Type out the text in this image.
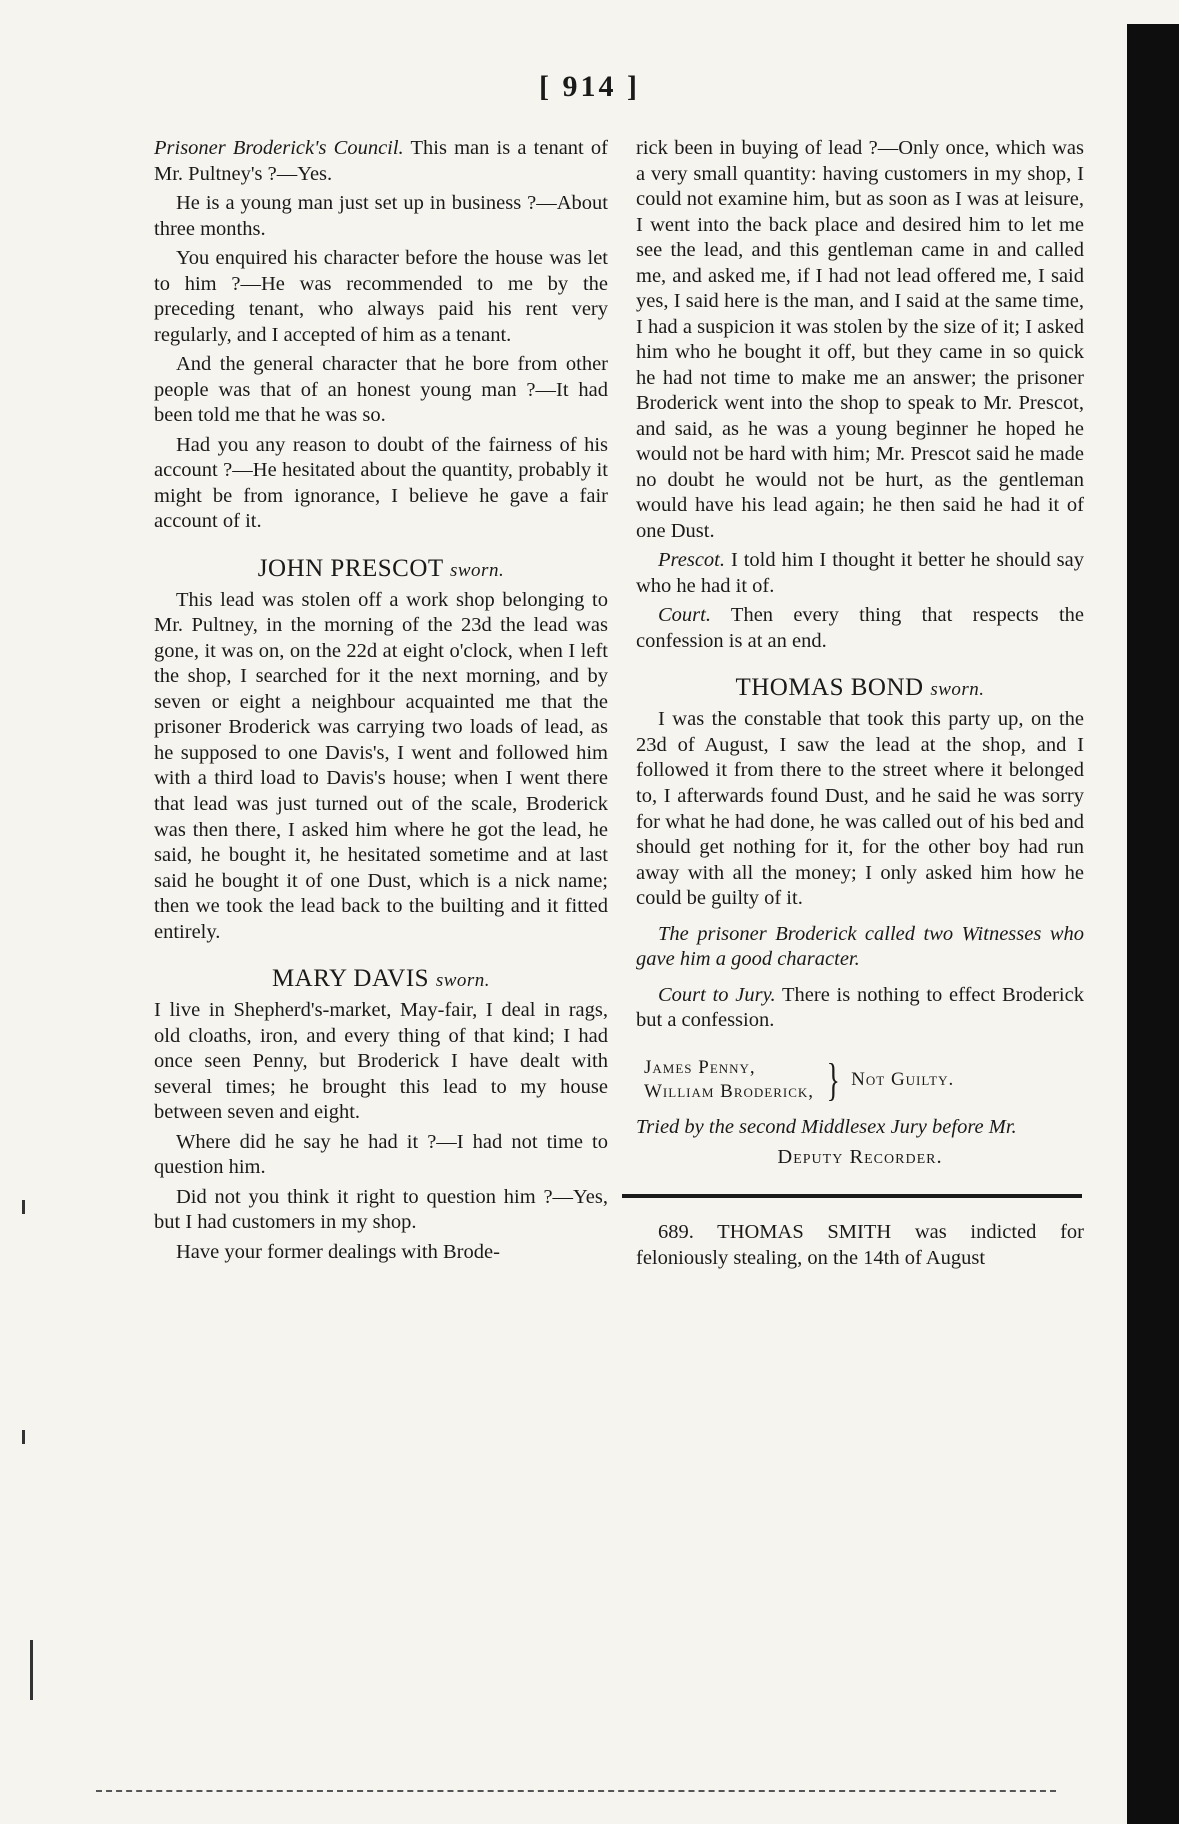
[ 914 ]

Prisoner Broderick's Council. This man is a tenant of Mr. Pultney's ?—Yes.

He is a young man just set up in business ?—About three months.

You enquired his character before the house was let to him ?—He was recommended to me by the preceding tenant, who always paid his rent very regularly, and I accepted of him as a tenant.

And the general character that he bore from other people was that of an honest young man ?—It had been told me that he was so.

Had you any reason to doubt of the fairness of his account ?—He hesitated about the quantity, probably it might be from ignorance, I believe he gave a fair account of it.

JOHN PRESCOT sworn.

This lead was stolen off a work shop belonging to Mr. Pultney, in the morning of the 23d the lead was gone, it was on, on the 22d at eight o'clock, when I left the shop, I searched for it the next morning, and by seven or eight a neighbour acquainted me that the prisoner Broderick was carrying two loads of lead, as he supposed to one Davis's, I went and followed him with a third load to Davis's house; when I went there that lead was just turned out of the scale, Broderick was then there, I asked him where he got the lead, he said, he bought it, he hesitated sometime and at last said he bought it of one Dust, which is a nick name; then we took the lead back to the builting and it fitted entirely.

MARY DAVIS sworn.

I live in Shepherd's-market, May-fair, I deal in rags, old cloaths, iron, and every thing of that kind; I had once seen Penny, but Broderick I have dealt with several times; he brought this lead to my house between seven and eight.

Where did he say he had it ?—I had not time to question him.

Did not you think it right to question him ?—Yes, but I had customers in my shop.

Have your former dealings with Brode-

rick been in buying of lead ?—Only once, which was a very small quantity: having customers in my shop, I could not examine him, but as soon as I was at leisure, I went into the back place and desired him to let me see the lead, and this gentleman came in and called me, and asked me, if I had not lead offered me, I said yes, I said here is the man, and I said at the same time, I had a suspicion it was stolen by the size of it; I asked him who he bought it off, but they came in so quick he had not time to make me an answer; the prisoner Broderick went into the shop to speak to Mr. Prescot, and said, as he was a young beginner he hoped he would not be hard with him; Mr. Prescot said he made no doubt he would not be hurt, as the gentleman would have his lead again; he then said he had it of one Dust.

Prescot. I told him I thought it better he should say who he had it of.

Court. Then every thing that respects the confession is at an end.

THOMAS BOND sworn.

I was the constable that took this party up, on the 23d of August, I saw the lead at the shop, and I followed it from there to the street where it belonged to, I afterwards found Dust, and he said he was sorry for what he had done, he was called out of his bed and should get nothing for it, for the other boy had run away with all the money; I only asked him how he could be guilty of it.

The prisoner Broderick called two Witnesses who gave him a good character.

Court to Jury. There is nothing to effect Broderick but a confession.

James Penny,
William Broderick, } Not Guilty.

Tried by the second Middlesex Jury before Mr.

Deputy Recorder.

689. THOMAS SMITH was indicted for feloniously stealing, on the 14th of August
